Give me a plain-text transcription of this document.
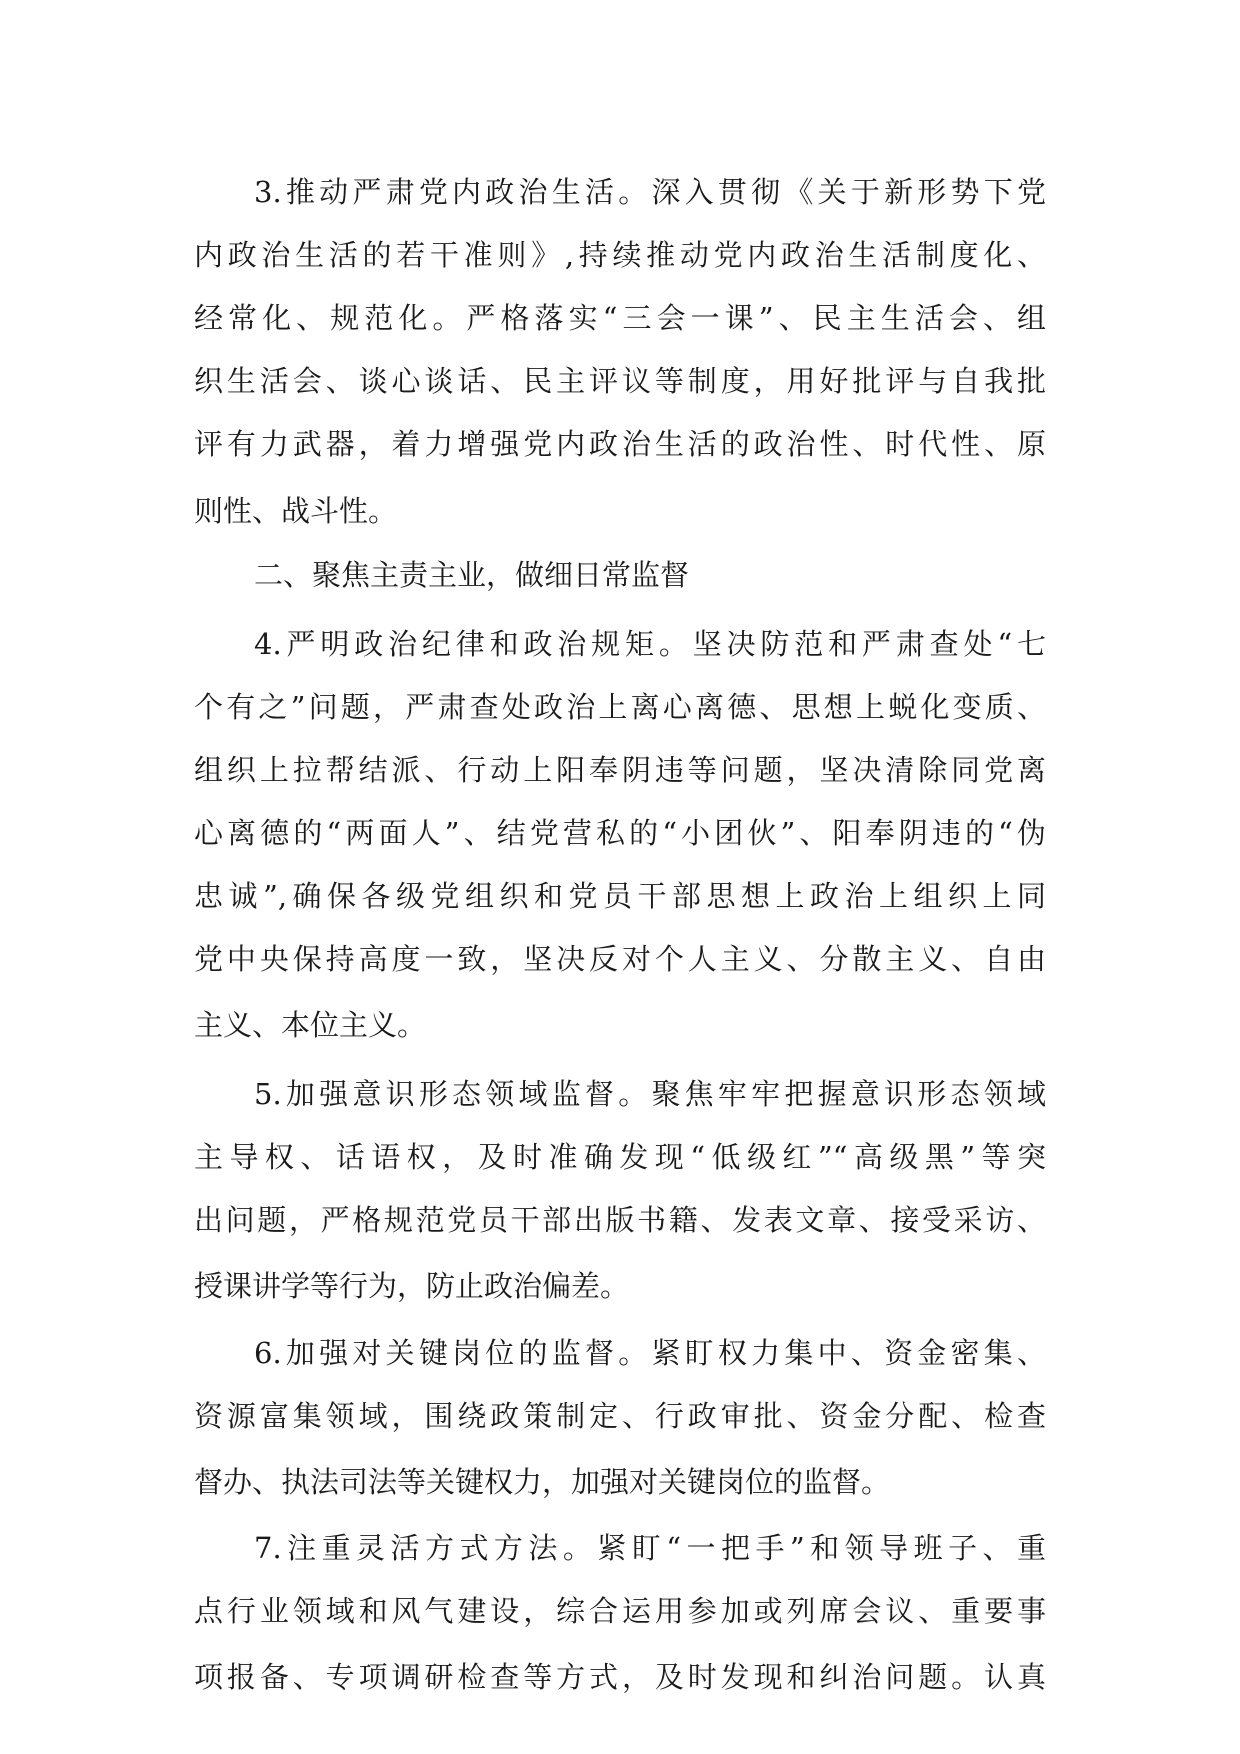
3.推动严肃党内政治生活。深入贯彻《关于新形势下党
内政治生活的若干准则》,持续推动党内政治生活制度化、
经常化、规范化。严格落实“三会一课”、民主生活会、组
织生活会、谈心谈话、民主评议等制度，用好批评与自我批
评有力武器，着力增强党内政治生活的政治性、时代性、原
则性、战斗性。
二、聚焦主责主业，做细日常监督
4.严明政治纪律和政治规矩。坚决防范和严肃查处“七
个有之”问题，严肃查处政治上离心离德、思想上蜕化变质、
组织上拉帮结派、行动上阳奉阴违等问题，坚决清除同党离
心离德的“两面人”、结党营私的“小团伙”、阳奉阴违的“伪
忠诚”,确保各级党组织和党员干部思想上政治上组织上同
党中央保持高度一致，坚决反对个人主义、分散主义、自由
主义、本位主义。
5.加强意识形态领域监督。聚焦牢牢把握意识形态领域
主导权、话语权，及时准确发现“低级红”“高级黑”等突
出问题，严格规范党员干部出版书籍、发表文章、接受采访、
授课讲学等行为，防止政治偏差。
6.加强对关键岗位的监督。紧盯权力集中、资金密集、
资源富集领域，围绕政策制定、行政审批、资金分配、检查
督办、执法司法等关键权力，加强对关键岗位的监督。
7.注重灵活方式方法。紧盯“一把手”和领导班子、重
点行业领域和风气建设，综合运用参加或列席会议、重要事
项报备、专项调研检查等方式，及时发现和纠治问题。认真
